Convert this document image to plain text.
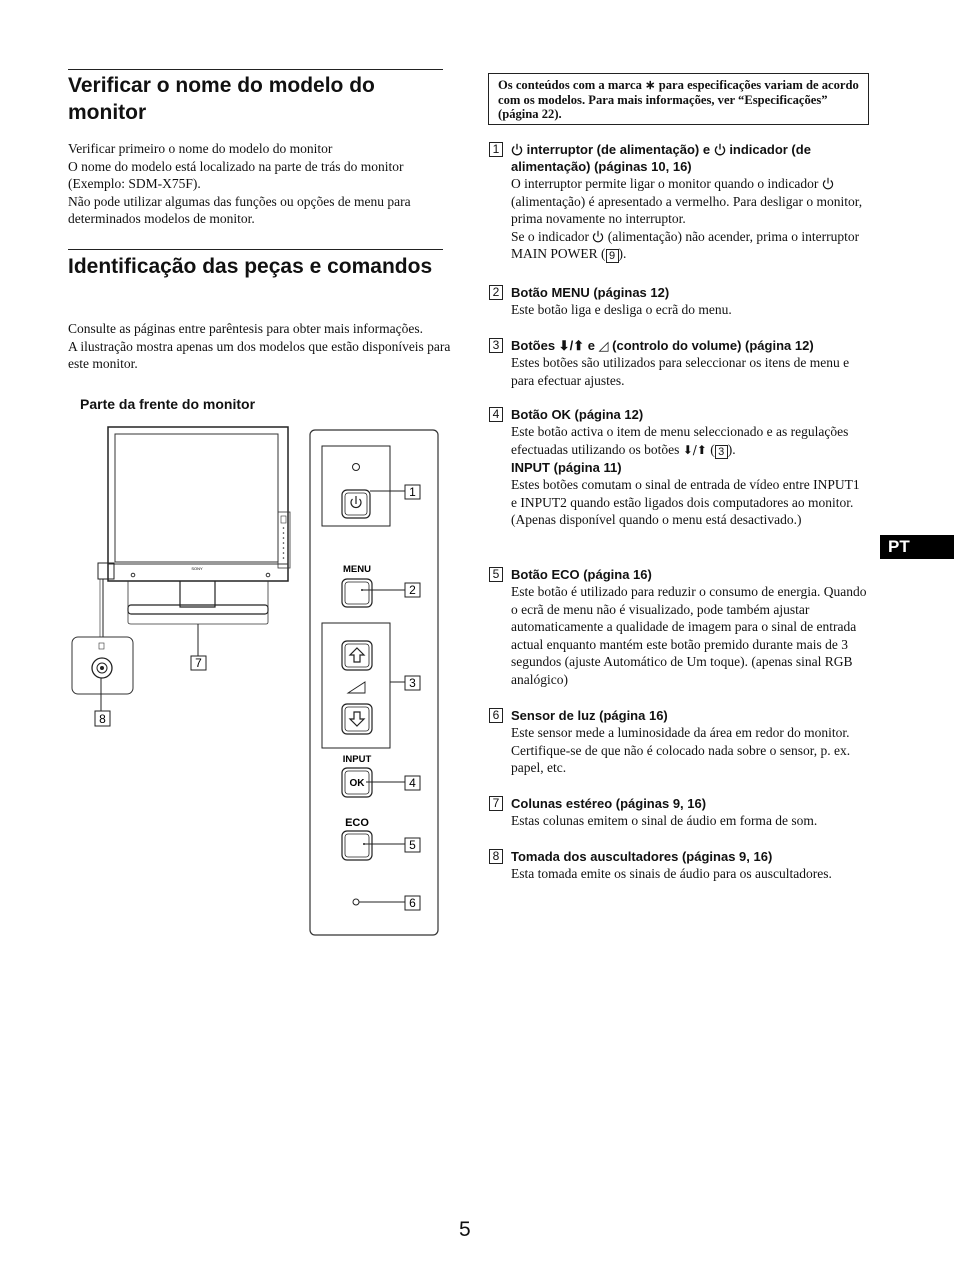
Verificar o nome do modelo do monitor
Verificar primeiro o nome do modelo do monitor
O nome do modelo está localizado na parte de trás do monitor (Exemplo: SDM-X75F).
Não pode utilizar algumas das funções ou opções de menu para determinados modelos de monitor.
Identificação das peças e comandos
Consulte as páginas entre parêntesis para obter mais informações.
A ilustração mostra apenas um dos modelos que estão disponíveis para este monitor.
Parte da frente do monitor
SONY	MENU
INPUT
OK
ECO
1
2
3
4
5
6
7
8
Os conteúdos com a marca ∗ para especificações variam de acordo com os modelos. Para mais informações, ver “Especificações” (página 22).
1	interruptor (de alimentação) e  indicador (de alimentação) (páginas 10, 16)
O interruptor permite ligar o monitor quando o indicador  (alimentação) é apresentado a vermelho. Para desligar o monitor, prima novamente no interruptor.
Se o indicador  (alimentação) não acender, prima o interruptor MAIN POWER ( 9 ).
2 Botão MENU (páginas 12)
Este botão liga e desliga o ecrã do menu.
3 Botões ⬇/⬆ e ◿ (controlo do volume) (página 12)
Estes botões são utilizados para seleccionar os itens de menu e para efectuar ajustes.
4 Botão OK (página 12)
Este botão activa o item de menu seleccionado e as regulações efectuadas utilizando os botões ⬇/⬆ ( 3 ).
INPUT (página 11)
Estes botões comutam o sinal de entrada de vídeo entre INPUT1 e INPUT2 quando estão ligados dois computadores ao monitor. (Apenas disponível quando o menu está desactivado.)
5 Botão ECO (página 16)
Este botão é utilizado para reduzir o consumo de energia. Quando o ecrã de menu não é visualizado, pode também ajustar automaticamente a qualidade de imagem para o sinal de entrada actual enquanto mantém este botão premido durante mais de 3 segundos (ajuste Automático de Um toque). (apenas sinal RGB analógico)
6 Sensor de luz (página 16)
Este sensor mede a luminosidade da área em redor do monitor. Certifique-se de que não é colocado nada sobre o sensor, p. ex. papel, etc.
7 Colunas estéreo (páginas 9, 16)
Estas colunas emitem o sinal de áudio em forma de som.
8 Tomada dos auscultadores (páginas 9, 16)
Esta tomada emite os sinais de áudio para os auscultadores.
PT
5
